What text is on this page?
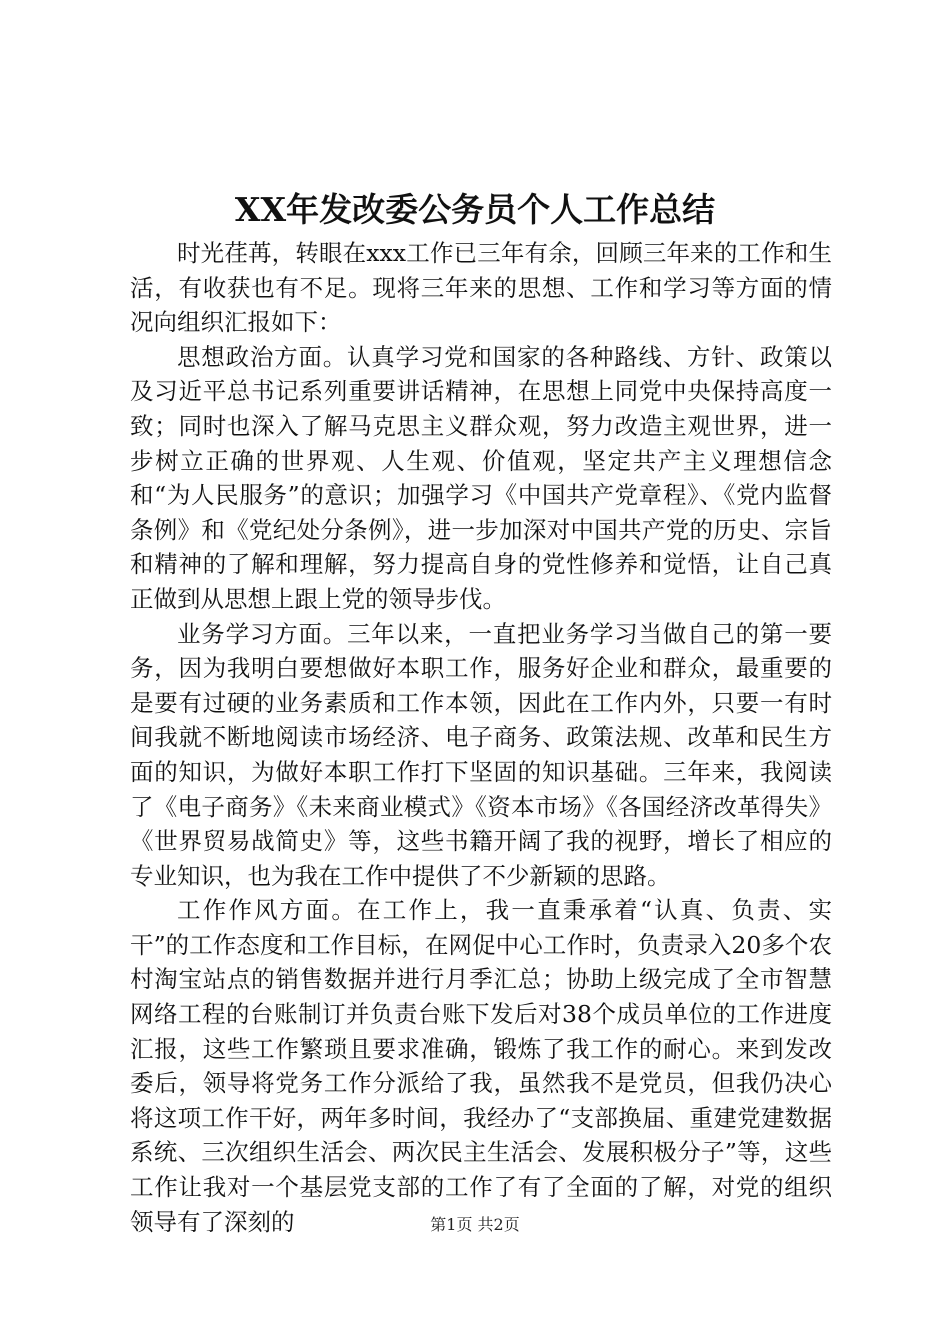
XX年发改委公务员个人工作总结

时光荏苒，转眼在xxx工作已三年有余，回顾三年来的工作和生活，有收获也有不足。现将三年来的思想、工作和学习等方面的情况向组织汇报如下：

思想政治方面。认真学习党和国家的各种路线、方针、政策以及习近平总书记系列重要讲话精神，在思想上同党中央保持高度一致；同时也深入了解马克思主义群众观，努力改造主观世界，进一步树立正确的世界观、人生观、价值观，坚定共产主义理想信念和“为人民服务”的意识；加强学习《中国共产党章程》、《党内监督条例》和《党纪处分条例》，进一步加深对中国共产党的历史、宗旨和精神的了解和理解，努力提高自身的党性修养和觉悟，让自己真正做到从思想上跟上党的领导步伐。

业务学习方面。三年以来，一直把业务学习当做自己的第一要务，因为我明白要想做好本职工作，服务好企业和群众，最重要的是要有过硬的业务素质和工作本领，因此在工作内外，只要一有时间我就不断地阅读市场经济、电子商务、政策法规、改革和民生方面的知识，为做好本职工作打下坚固的知识基础。三年来，我阅读了《电子商务》《未来商业模式》《资本市场》《各国经济改革得失》《世界贸易战简史》等，这些书籍开阔了我的视野，增长了相应的专业知识，也为我在工作中提供了不少新颖的思路。

工作作风方面。在工作上，我一直秉承着“认真、负责、实干”的工作态度和工作目标，在网促中心工作时，负责录入20多个农村淘宝站点的销售数据并进行月季汇总；协助上级完成了全市智慧网络工程的台账制订并负责台账下发后对38个成员单位的工作进度汇报，这些工作繁琐且要求准确，锻炼了我工作的耐心。来到发改委后，领导将党务工作分派给了我，虽然我不是党员，但我仍决心将这项工作干好，两年多时间，我经办了“支部换届、重建党建数据系统、三次组织生活会、两次民主生活会、发展积极分子”等，这些工作让我对一个基层党支部的工作了有了全面的了解，对党的组织领导有了深刻的	第1页 共2页
